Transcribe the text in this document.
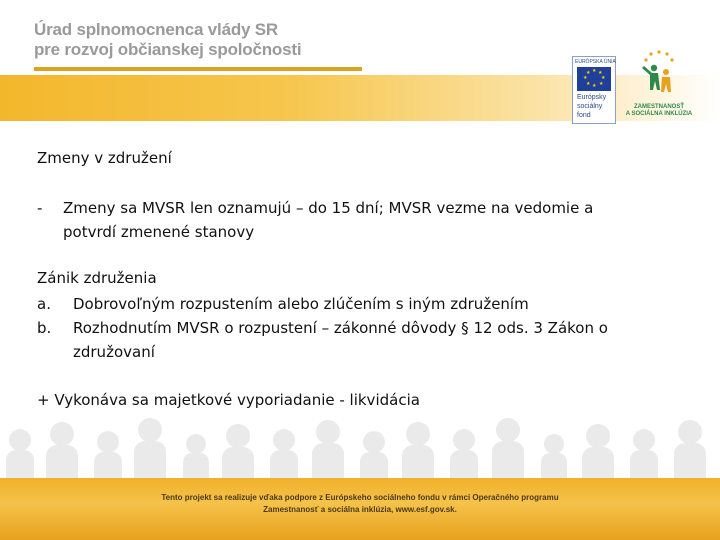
Úrad splnomocnenca vlády SR
pre rozvoj občianskej spoločnosti
EURÓPSKA ÚNIA
★ ★
★
★
★
★
★
★
Európsky
sociálny
fond
ZAMESTNANOSŤ
A SOCIÁLNA INKLÚZIA
Zmeny v združení
- Zmeny sa MVSR len oznamujú – do 15 dní; MVSR vezme na vedomie a
potvrdí zmenené stanovy
Zánik združenia
a. Dobrovoľným rozpustením alebo zlúčením s iným združením
b. Rozhodnutím MVSR o rozpustení – zákonné dôvody § 12 ods. 3 Zákon o
združovaní
+ Vykonáva sa majetkové vyporiadanie - likvidácia
Tento projekt sa realizuje vďaka podpore z Európskeho sociálneho fondu v rámci Operačného programu
Zamestnanosť a sociálna inklúzia, www.esf.gov.sk.
